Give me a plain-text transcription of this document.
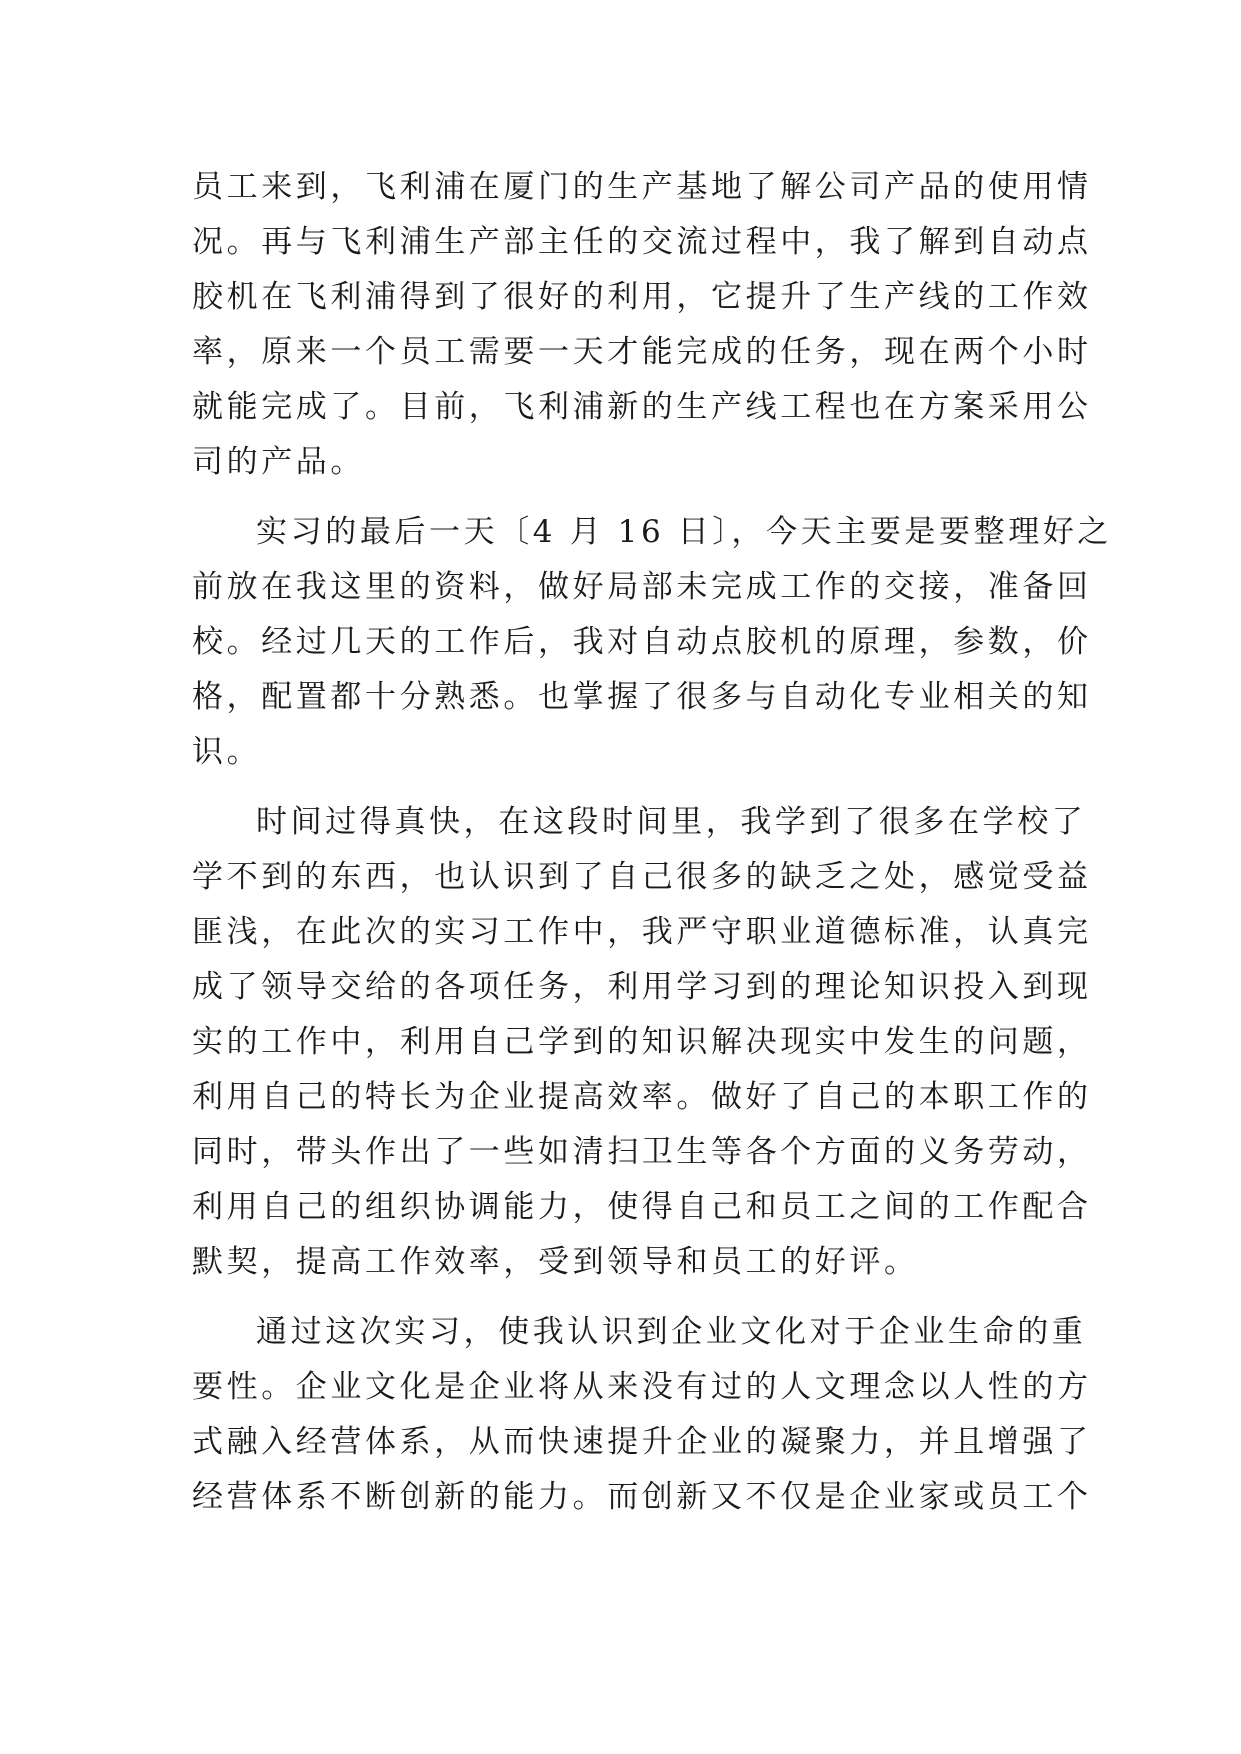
员工来到，飞利浦在厦门的生产基地了解公司产品的使用情
况。再与飞利浦生产部主任的交流过程中，我了解到自动点
胶机在飞利浦得到了很好的利用，它提升了生产线的工作效
率，原来一个员工需要一天才能完成的任务，现在两个小时
就能完成了。目前，飞利浦新的生产线工程也在方案采用公
司的产品。
实习的最后一天〔4 月 16 日〕，今天主要是要整理好之
前放在我这里的资料，做好局部未完成工作的交接，准备回
校。经过几天的工作后，我对自动点胶机的原理，参数，价
格，配置都十分熟悉。也掌握了很多与自动化专业相关的知
识。
时间过得真快，在这段时间里，我学到了很多在学校了
学不到的东西，也认识到了自己很多的缺乏之处，感觉受益
匪浅，在此次的实习工作中，我严守职业道德标准，认真完
成了领导交给的各项任务，利用学习到的理论知识投入到现
实的工作中，利用自己学到的知识解决现实中发生的问题，
利用自己的特长为企业提高效率。做好了自己的本职工作的
同时，带头作出了一些如清扫卫生等各个方面的义务劳动，
利用自己的组织协调能力，使得自己和员工之间的工作配合
默契，提高工作效率，受到领导和员工的好评。
通过这次实习，使我认识到企业文化对于企业生命的重
要性。企业文化是企业将从来没有过的人文理念以人性的方
式融入经营体系，从而快速提升企业的凝聚力，并且增强了
经营体系不断创新的能力。而创新又不仅是企业家或员工个
